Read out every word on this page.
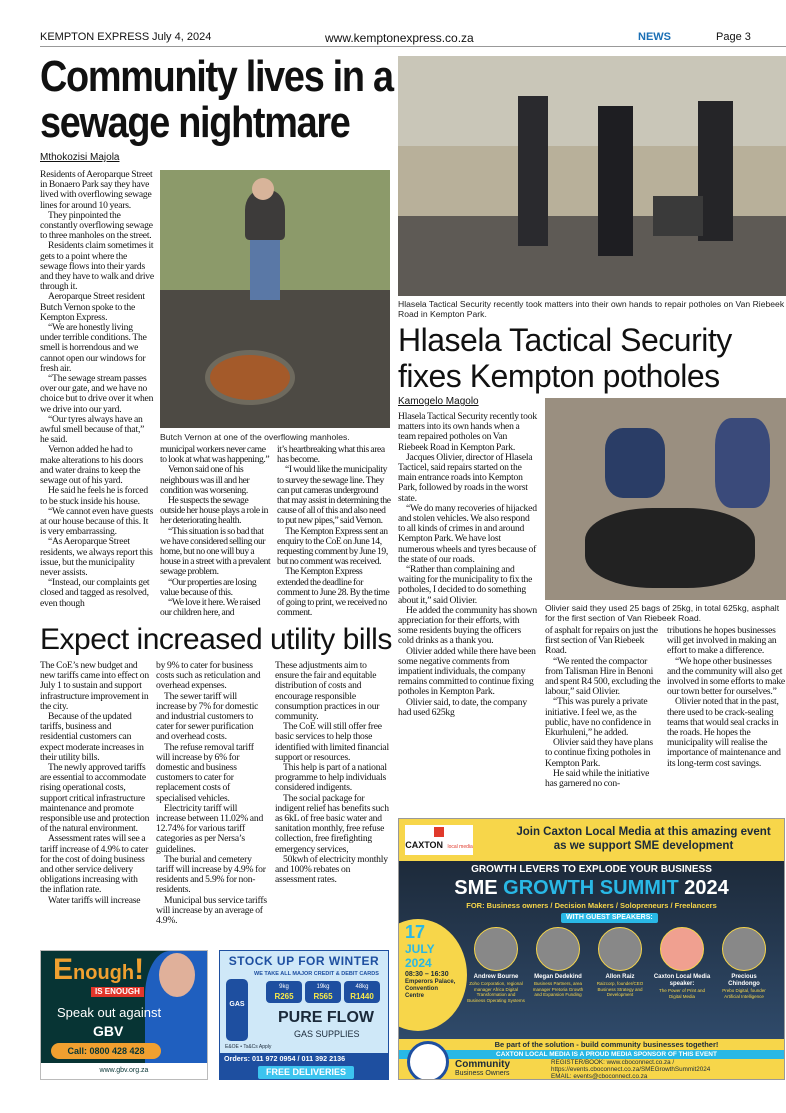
KEMPTON EXPRESS July 4, 2024	www.kemptonexpress.co.za	NEWS	Page 3
Community lives in a
sewage nightmare
Mthokozisi Majola

Residents of Aeroparque Street in Bonaero Park say they have lived with overflowing sewage lines for around 10 years.

They pinpointed the constantly overflowing sewage to three manholes on the street.

Residents claim sometimes it gets to a point where the sewage flows into their yards and they have to walk and drive through it.

Aeroparque Street resident Butch Vernon spoke to the Kempton Express.

“We are honestly living under terrible conditions. The smell is horrendous and we cannot open our windows for fresh air.

“The sewage stream passes over our gate, and we have no choice but to drive over it when we drive into our yard.

“Our tyres always have an awful smell because of that,” he said.

Vernon added he had to make alterations to his doors and water drains to keep the sewage out of his yard.

He said he feels he is forced to be stuck inside his house.

“We cannot even have guests at our house because of this. It is very embarrassing.

“As Aeroparque Street residents, we always report this issue, but the municipality never assists.

“Instead, our complaints get closed and tagged as resolved, even though

Butch Vernon at one of the overflowing manholes.

municipal workers never came to look at what was happening.”

Vernon said one of his neighbours was ill and her condition was worsening.

He suspects the sewage outside her house plays a role in her deteriorating health.

“This situation is so bad that we have considered selling our home, but no one will buy a house in a street with a prevalent sewage problem.

“Our properties are losing value because of this.

“We love it here. We raised our children here, and

it’s heartbreaking what this area has become.

“I would like the municipality to survey the sewage line. They can put cameras underground that may assist in determining the cause of all of this and also need to put new pipes,” said Vernon.

The Kempton Express sent an enquiry to the CoE on June 14, requesting comment by June 19, but no comment was received.

The Kempton Express extended the deadline for comment to June 28. By the time of going to print, we received no comment.

Expect increased utility bills

The CoE’s new budget and new tariffs came into effect on July 1 to sustain and support infrastructure improvement in the city.

Because of the updated tariffs, business and residential customers can expect moderate increases in their utility bills.

The newly approved tariffs are essential to accommodate rising operational costs, support critical infrastructure maintenance and promote responsible use and protection of the natural environment.

Assessment rates will see a tariff increase of 4.9% to cater for the cost of doing business and other service delivery obligations increasing with the inflation rate.

Water tariffs will increase

by 9% to cater for business costs such as reticulation and overhead expenses.

The sewer tariff will increase by 7% for domestic and industrial customers to cater for sewer purification and overhead costs.

The refuse removal tariff will increase by 6% for domestic and business customers to cater for replacement costs of specialised vehicles.

Electricity tariff will increase between 11.02% and 12.74% for various tariff categories as per Nersa’s guidelines.

The burial and cemetery tariff will increase by 4.9% for residents and 5.9% for non-residents.

Municipal bus service tariffs will increase by an average of 4.9%.

These adjustments aim to ensure the fair and equitable distribution of costs and encourage responsible consumption practices in our community.

The CoE will still offer free basic services to help those identified with limited financial support or resources.

This help is part of a national programme to help individuals considered indigents.

The social package for indigent relief has benefits such as 6kL of free basic water and sanitation monthly, free refuse collection, free firefighting emergency services,

50kwh of electricity monthly and 100% rebates on assessment rates.

Hlasela Tactical Security recently took matters into their own hands to repair potholes on Van Riebeek Road in Kempton Park.
Hlasela Tactical Security
fixes Kempton potholes
Kamogelo Magolo

Hlasela Tactical Security recently took matters into its own hands when a team repaired potholes on Van Riebeek Road in Kempton Park.

Jacques Olivier, director of Hlasela Tacticel, said repairs started on the main entrance roads into Kempton Park, followed by roads in the worst state.

“We do many recoveries of hijacked and stolen vehicles. We also respond to all kinds of crimes in and around Kempton Park. We have lost numerous wheels and tyres because of the state of our roads.

“Rather than complaining and waiting for the municipality to fix the potholes, I decided to do something about it,” said Olivier.

He added the community has shown appreciation for their efforts, with some residents buying the officers cold drinks as a thank you.

Olivier added while there have been some negative comments from impatient individuals, the company remains committed to continue fixing potholes in Kempton Park.

Olivier said, to date, the company had used 625kg

Olivier said they used 25 bags of 25kg, in total 625kg, asphalt for the first section of Van Riebeek Road.

of asphalt for repairs on just the first section of Van Riebeek Road.

“We rented the compactor from Talisman Hire in Benoni and spent R4 500, excluding the labour,” said Olivier.

“This was purely a private initiative. I feel we, as the public, have no confidence in Ekurhuleni,” he added.

Olivier said they have plans to continue fixing potholes in Kempton Park.

He said while the initiative has garnered no con-

tributions he hopes businesses will get involved in making an effort to make a difference.

“We hope other businesses and the community will also get involved in some efforts to make our town better for ourselves.”

Olivier noted that in the past, there used to be crack-sealing teams that would seal cracks in the roads. He hopes the municipality will realise the importance of maintenance and its long-term cost savings.

Enough!
IS ENOUGH
Speak out against
GBV
Call: 0800 428 428
www.gbv.org.za
STOCK UP FOR WINTER
WE TAKE ALL MAJOR CREDIT & DEBIT CARDS
GAS
9kg
R265
19kg
R565
48kg
R1440
PURE FLOW
GAS SUPPLIES
E&OE • Ts&Cs Apply
Orders: 011 972 0954 / 011 392 2136
FREE DELIVERIES
CAXTON local media
Join Caxton Local Media at this amazing event as we support SME development
GROWTH LEVERS TO EXPLODE YOUR BUSINESS
SME GROWTH SUMMIT 2024
FOR: Business owners / Decision Makers / Solopreneurs / Freelancers
WITH GUEST SPEAKERS:
17
JULY
2024
08:30 – 16:30
Emperors Palace, Convention Centre
Andrew Bourne
Zoho Corporation, regional manager Africa Digital Transformation and Business Operating Systems
Megan Dedekind
Business Partners, area manager Pretoria Growth and Expansion Funding
Allon Raiz
Raizcorp, founder/CEO Business Strategy and Development
Caxton Local Media speaker:
The Power of Print and Digital Media
Precious Chindongo
Prebo Digital, founder Artificial Intelligence
Be part of the solution - build community businesses together!
CAXTON LOCAL MEDIA IS A PROUD MEDIA SPONSOR OF THIS EVENT
Community
Business Owners
REGISTER/BOOK: www.cboconnect.co.za /
https://events.cboconnect.co.za/SMEGrowthSummit2024
EMAIL: events@cboconnect.co.za
